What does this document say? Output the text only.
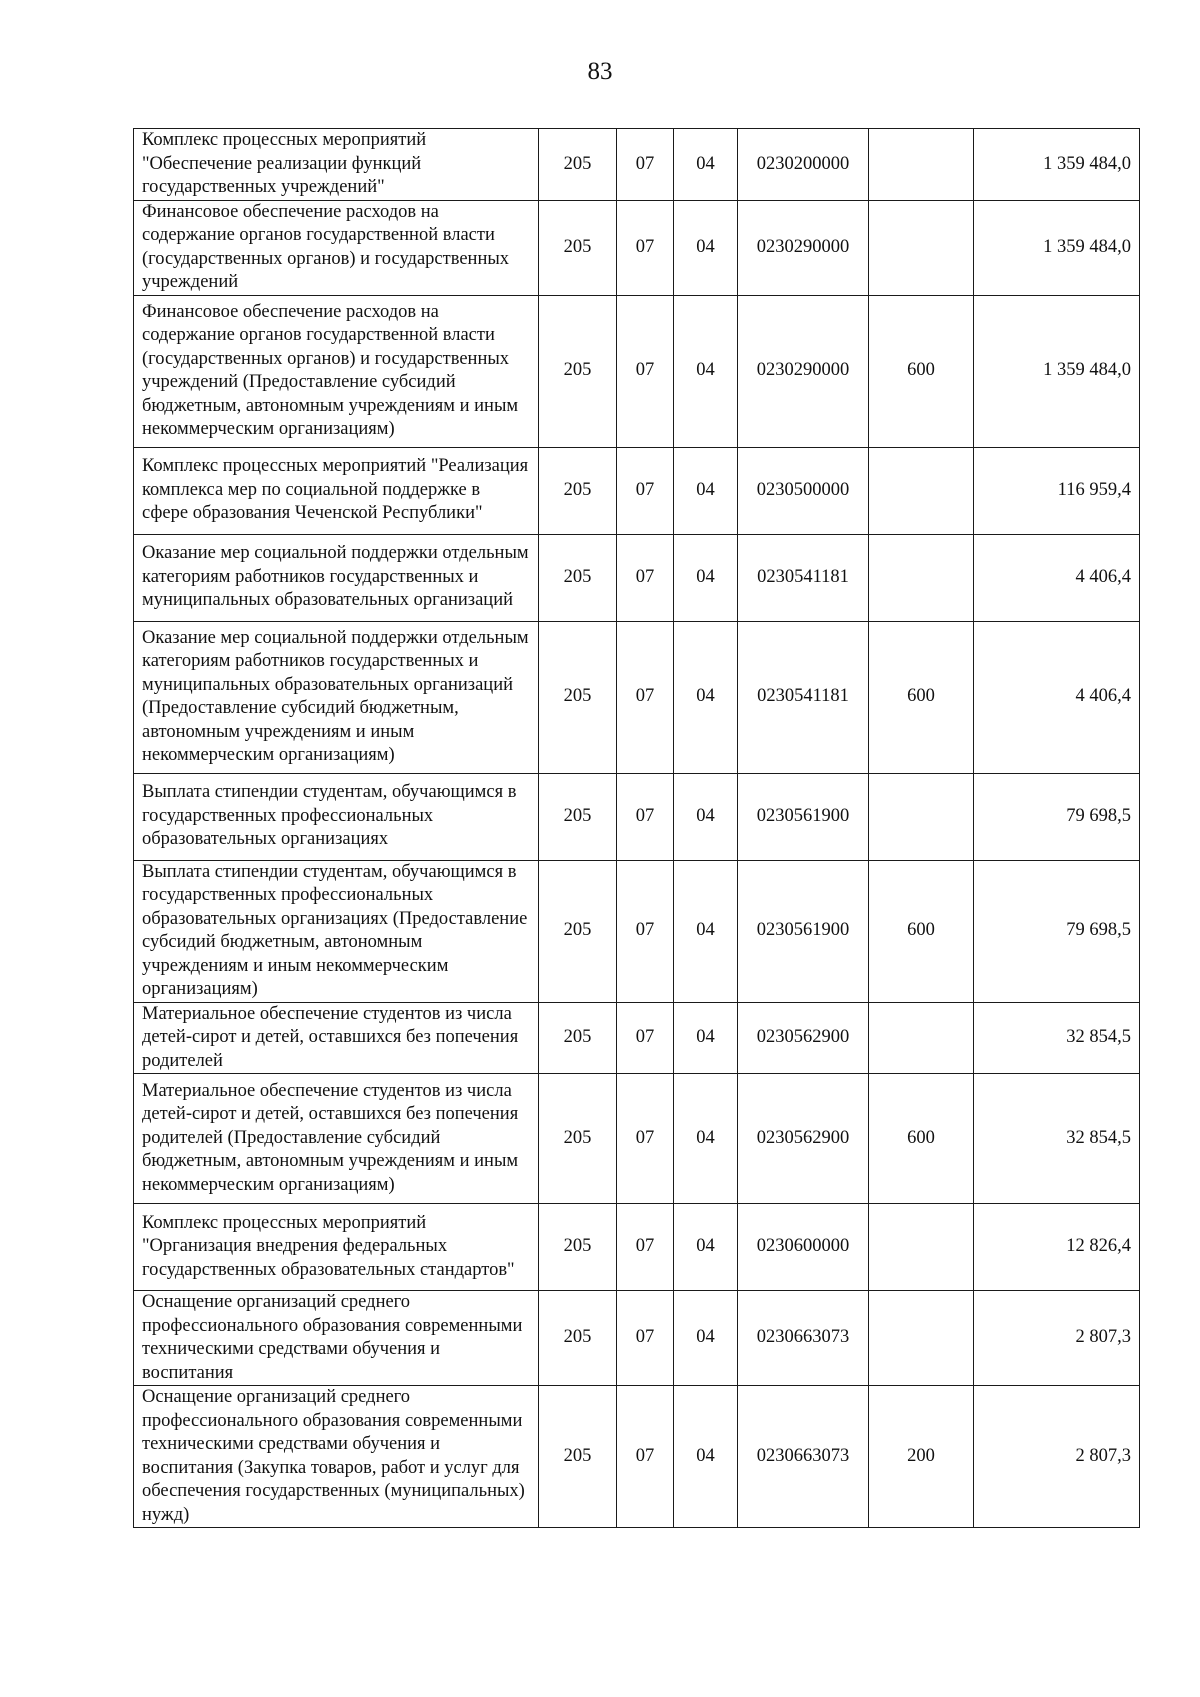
83
Комплекс процессных мероприятий "Обеспечение реализации функций государственных учреждений"	205	07	04	0230200000		1 359 484,0
Финансовое обеспечение расходов на содержание органов государственной власти (государственных органов) и государственных учреждений	205	07	04	0230290000		1 359 484,0
Финансовое обеспечение расходов на содержание органов государственной власти (государственных органов) и государственных учреждений (Предоставление субсидий бюджетным, автономным учреждениям и иным некоммерческим организациям)	205	07	04	0230290000	600	1 359 484,0
Комплекс процессных мероприятий "Реализация комплекса мер по социальной поддержке в сфере образования Чеченской Республики"	205	07	04	0230500000		116 959,4
Оказание мер социальной поддержки отдельным категориям работников государственных и муниципальных образовательных организаций	205	07	04	0230541181		4 406,4
Оказание мер социальной поддержки отдельным категориям работников государственных и муниципальных образовательных организаций (Предоставление субсидий бюджетным, автономным учреждениям и иным некоммерческим организациям)	205	07	04	0230541181	600	4 406,4
Выплата стипендии студентам, обучающимся в государственных профессиональных образовательных организациях	205	07	04	0230561900		79 698,5
Выплата стипендии студентам, обучающимся в государственных профессиональных образовательных организациях (Предоставление субсидий бюджетным, автономным учреждениям и иным некоммерческим организациям)	205	07	04	0230561900	600	79 698,5
Материальное обеспечение студентов из числа детей-сирот и детей, оставшихся без попечения родителей	205	07	04	0230562900		32 854,5
Материальное обеспечение студентов из числа детей-сирот и детей, оставшихся без попечения родителей (Предоставление субсидий бюджетным, автономным учреждениям и иным некоммерческим организациям)	205	07	04	0230562900	600	32 854,5
Комплекс процессных мероприятий "Организация внедрения федеральных государственных образовательных стандартов"	205	07	04	0230600000		12 826,4
Оснащение организаций среднего профессионального образования современными техническими средствами обучения и воспитания	205	07	04	0230663073		2 807,3
Оснащение организаций среднего профессионального образования современными техническими средствами обучения и воспитания (Закупка товаров, работ и услуг для обеспечения государственных (муниципальных) нужд)	205	07	04	0230663073	200	2 807,3
